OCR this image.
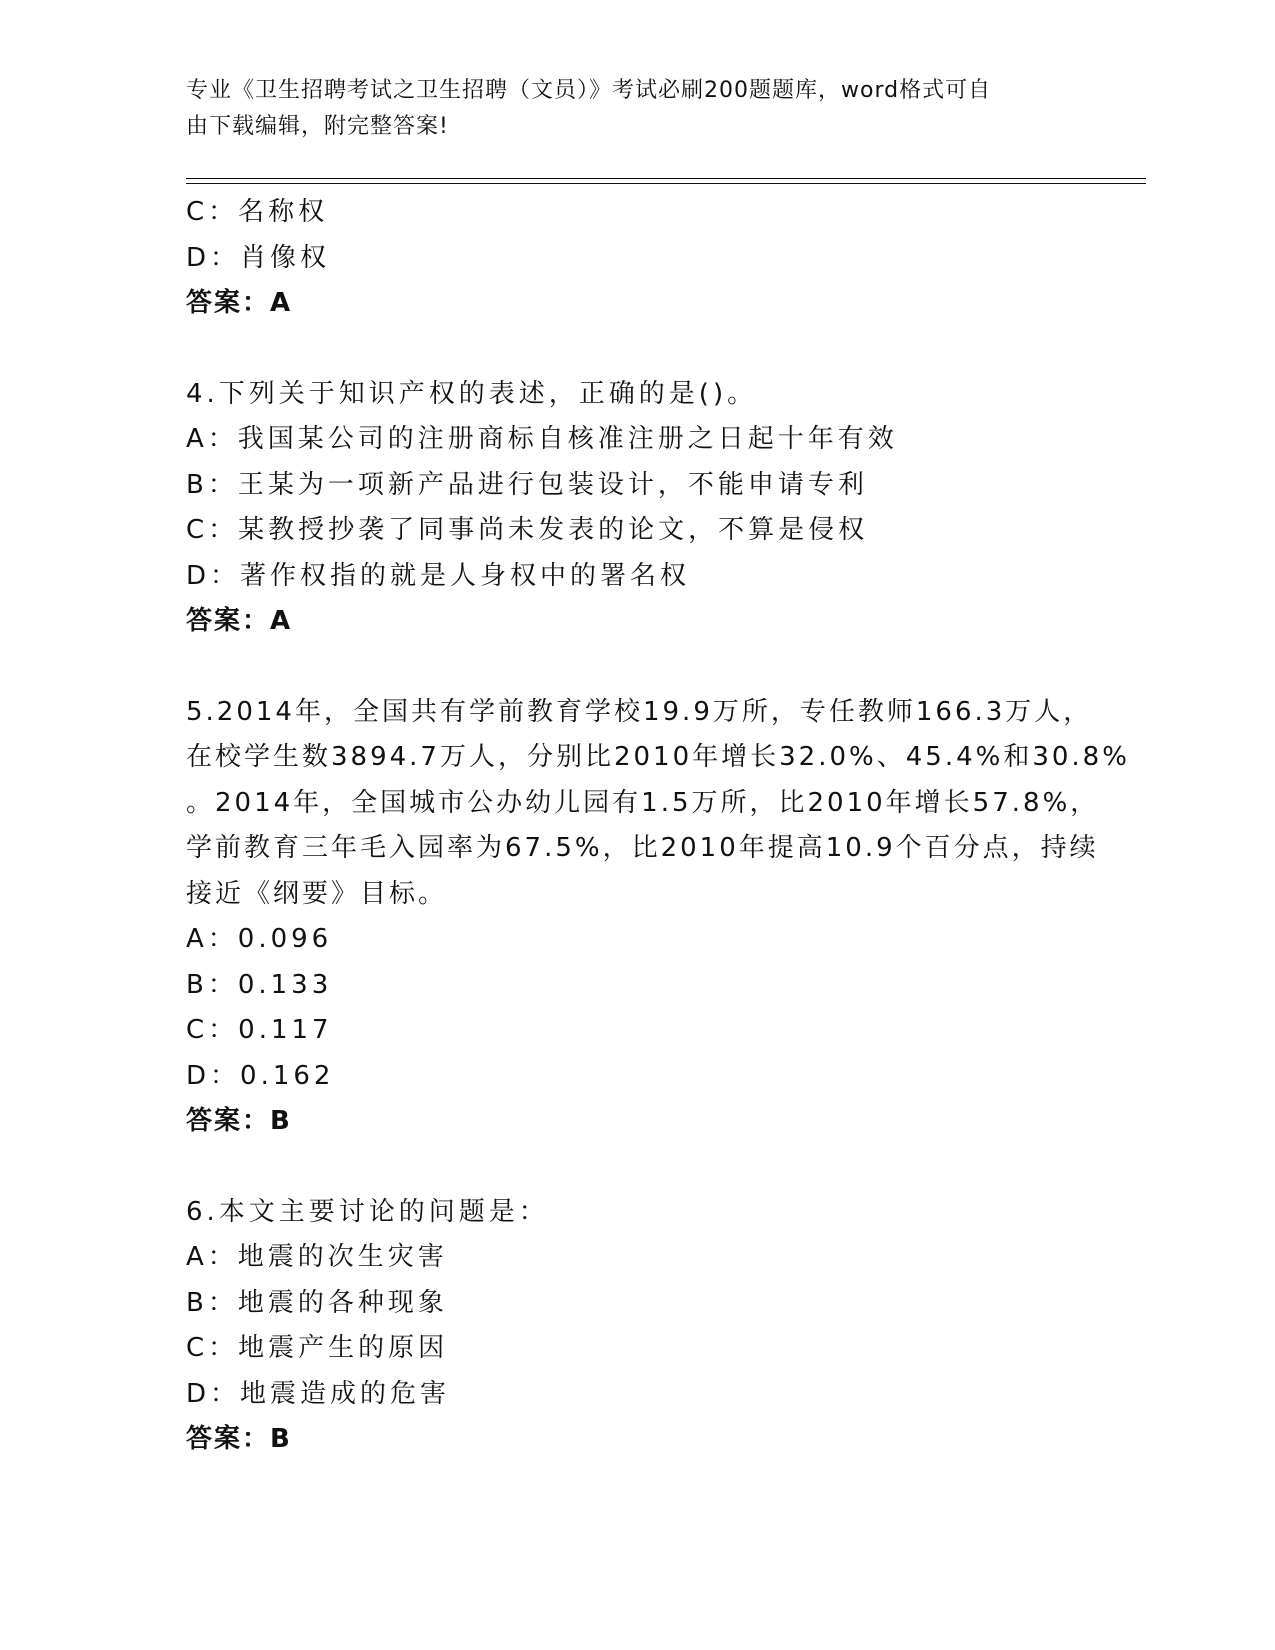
专业《卫生招聘考试之卫生招聘（文员）》考试必刷200题题库，word格式可自
由下载编辑，附完整答案!
C：名称权
D：肖像权
答案：A
4.下列关于知识产权的表述，正确的是()。
A：我国某公司的注册商标自核准注册之日起十年有效
B：王某为一项新产品进行包装设计，不能申请专利
C：某教授抄袭了同事尚未发表的论文，不算是侵权
D：著作权指的就是人身权中的署名权
答案：A
5.2014年，全国共有学前教育学校19.9万所，专任教师166.3万人，
在校学生数3894.7万人，分别比2010年增长32.0%、45.4%和30.8%
。2014年，全国城市公办幼儿园有1.5万所，比2010年增长57.8%，
学前教育三年毛入园率为67.5%，比2010年提高10.9个百分点，持续
接近《纲要》目标。
A：0.096
B：0.133
C：0.117
D：0.162
答案：B
6.本文主要讨论的问题是：
A：地震的次生灾害
B：地震的各种现象
C：地震产生的原因
D：地震造成的危害
答案：B
